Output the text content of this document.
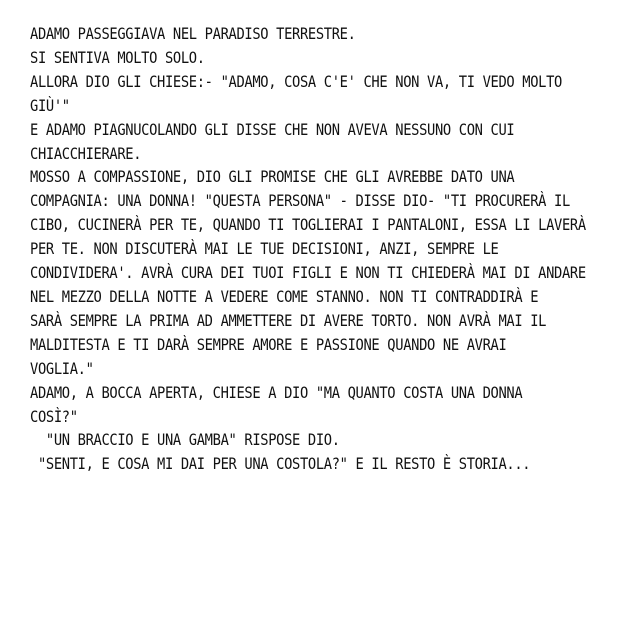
ADAMO PASSEGGIAVA NEL PARADISO TERRESTRE.
SI SENTIVA MOLTO SOLO.
ALLORA DIO GLI CHIESE:- "ADAMO, COSA C'E' CHE NON VA, TI VEDO MOLTO
GIÙ'"
E ADAMO PIAGNUCOLANDO GLI DISSE CHE NON AVEVA NESSUNO CON CUI
CHIACCHIERARE.
MOSSO A COMPASSIONE, DIO GLI PROMISE CHE GLI AVREBBE DATO UNA
COMPAGNIA: UNA DONNA! "QUESTA PERSONA" - DISSE DIO- "TI PROCURERÀ IL
CIBO, CUCINERÀ PER TE, QUANDO TI TOGLIERAI I PANTALONI, ESSA LI LAVERÀ
PER TE. NON DISCUTERÀ MAI LE TUE DECISIONI, ANZI, SEMPRE LE
CONDIVIDERA'. AVRÀ CURA DEI TUOI FIGLI E NON TI CHIEDERÀ MAI DI ANDARE
NEL MEZZO DELLA NOTTE A VEDERE COME STANNO. NON TI CONTRADDIRÀ E
SARÀ SEMPRE LA PRIMA AD AMMETTERE DI AVERE TORTO. NON AVRÀ MAI IL
MALDITESTA E TI DARÀ SEMPRE AMORE E PASSIONE QUANDO NE AVRAI
VOGLIA."
ADAMO, A BOCCA APERTA, CHIESE A DIO "MA QUANTO COSTA UNA DONNA
COSÌ?"
"UN BRACCIO E UNA GAMBA" RISPOSE DIO.
"SENTI, E COSA MI DAI PER UNA COSTOLA?" E IL RESTO È STORIA...
